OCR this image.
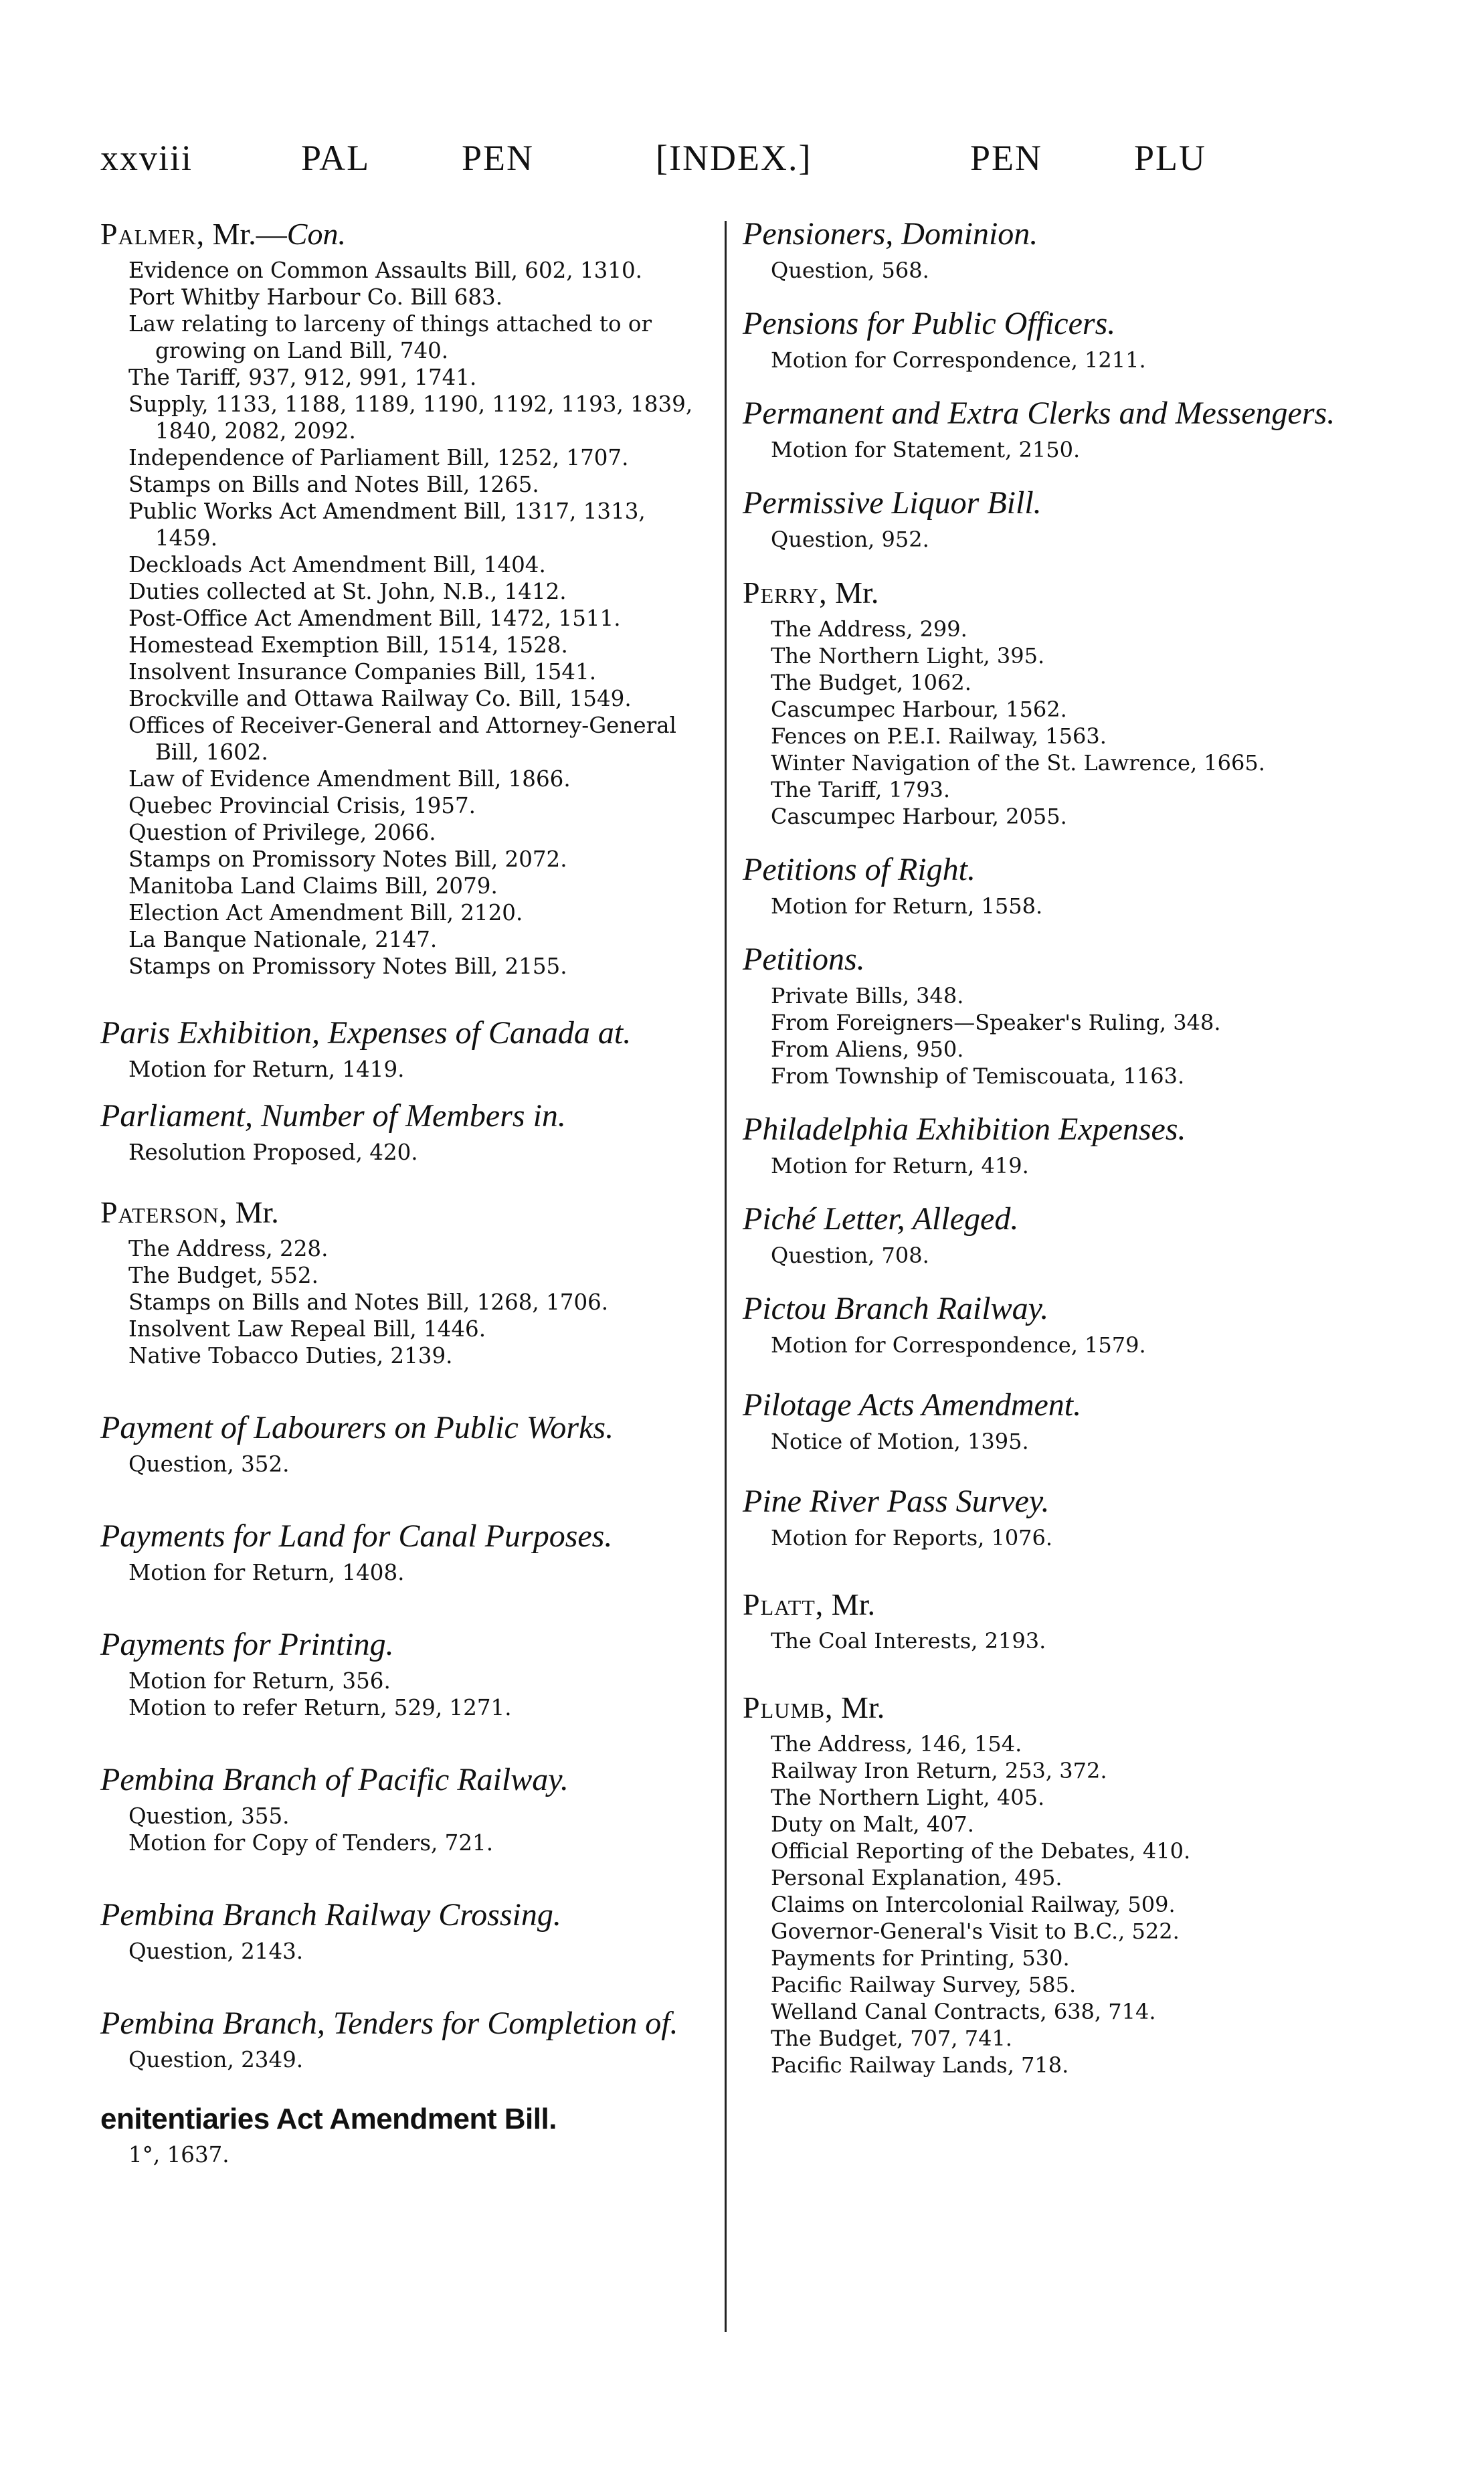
xxviii	PAL	PEN	[INDEX.]	PEN	PLU
Palmer, Mr.—Con.
Evidence on Common Assaults Bill, 602, 1310.
Port Whitby Harbour Co. Bill 683.
Law relating to larceny of things attached to or growing on Land Bill, 740.
The Tariff, 937, 912, 991, 1741.
Supply, 1133, 1188, 1189, 1190, 1192, 1193, 1839, 1840, 2082, 2092.
Independence of Parliament Bill, 1252, 1707.
Stamps on Bills and Notes Bill, 1265.
Public Works Act Amendment Bill, 1317, 1313, 1459.
Deckloads Act Amendment Bill, 1404.
Duties collected at St. John, N.B., 1412.
Post-Office Act Amendment Bill, 1472, 1511.
Homestead Exemption Bill, 1514, 1528.
Insolvent Insurance Companies Bill, 1541.
Brockville and Ottawa Railway Co. Bill, 1549.
Offices of Receiver-General and Attorney-General Bill, 1602.
Law of Evidence Amendment Bill, 1866.
Quebec Provincial Crisis, 1957.
Question of Privilege, 2066.
Stamps on Promissory Notes Bill, 2072.
Manitoba Land Claims Bill, 2079.
Election Act Amendment Bill, 2120.
La Banque Nationale, 2147.
Stamps on Promissory Notes Bill, 2155.
Paris Exhibition, Expenses of Canada at.
Motion for Return, 1419.
Parliament, Number of Members in.
Resolution Proposed, 420.
Paterson, Mr.
The Address, 228.
The Budget, 552.
Stamps on Bills and Notes Bill, 1268, 1706.
Insolvent Law Repeal Bill, 1446.
Native Tobacco Duties, 2139.
Payment of Labourers on Public Works.
Question, 352.
Payments for Land for Canal Purposes.
Motion for Return, 1408.
Payments for Printing.
Motion for Return, 356.
Motion to refer Return, 529, 1271.
Pembina Branch of Pacific Railway.
Question, 355.
Motion for Copy of Tenders, 721.
Pembina Branch Railway Crossing.
Question, 2143.
Pembina Branch, Tenders for Completion of.
Question, 2349.
enitentiaries Act Amendment Bill.
1°, 1637.
Pensioners, Dominion.
Question, 568.
Pensions for Public Officers.
Motion for Correspondence, 1211.
Permanent and Extra Clerks and Messengers.
Motion for Statement, 2150.
Permissive Liquor Bill.
Question, 952.
Perry, Mr.
The Address, 299.
The Northern Light, 395.
The Budget, 1062.
Cascumpec Harbour, 1562.
Fences on P.E.I. Railway, 1563.
Winter Navigation of the St. Lawrence, 1665.
The Tariff, 1793.
Cascumpec Harbour, 2055.
Petitions of Right.
Motion for Return, 1558.
Petitions.
Private Bills, 348.
From Foreigners—Speaker's Ruling, 348.
From Aliens, 950.
From Township of Temiscouata, 1163.
Philadelphia Exhibition Expenses.
Motion for Return, 419.
Piché Letter, Alleged.
Question, 708.
Pictou Branch Railway.
Motion for Correspondence, 1579.
Pilotage Acts Amendment.
Notice of Motion, 1395.
Pine River Pass Survey.
Motion for Reports, 1076.
Platt, Mr.
The Coal Interests, 2193.
Plumb, Mr.
The Address, 146, 154.
Railway Iron Return, 253, 372.
The Northern Light, 405.
Duty on Malt, 407.
Official Reporting of the Debates, 410.
Personal Explanation, 495.
Claims on Intercolonial Railway, 509.
Governor-General's Visit to B.C., 522.
Payments for Printing, 530.
Pacific Railway Survey, 585.
Welland Canal Contracts, 638, 714.
The Budget, 707, 741.
Pacific Railway Lands, 718.
